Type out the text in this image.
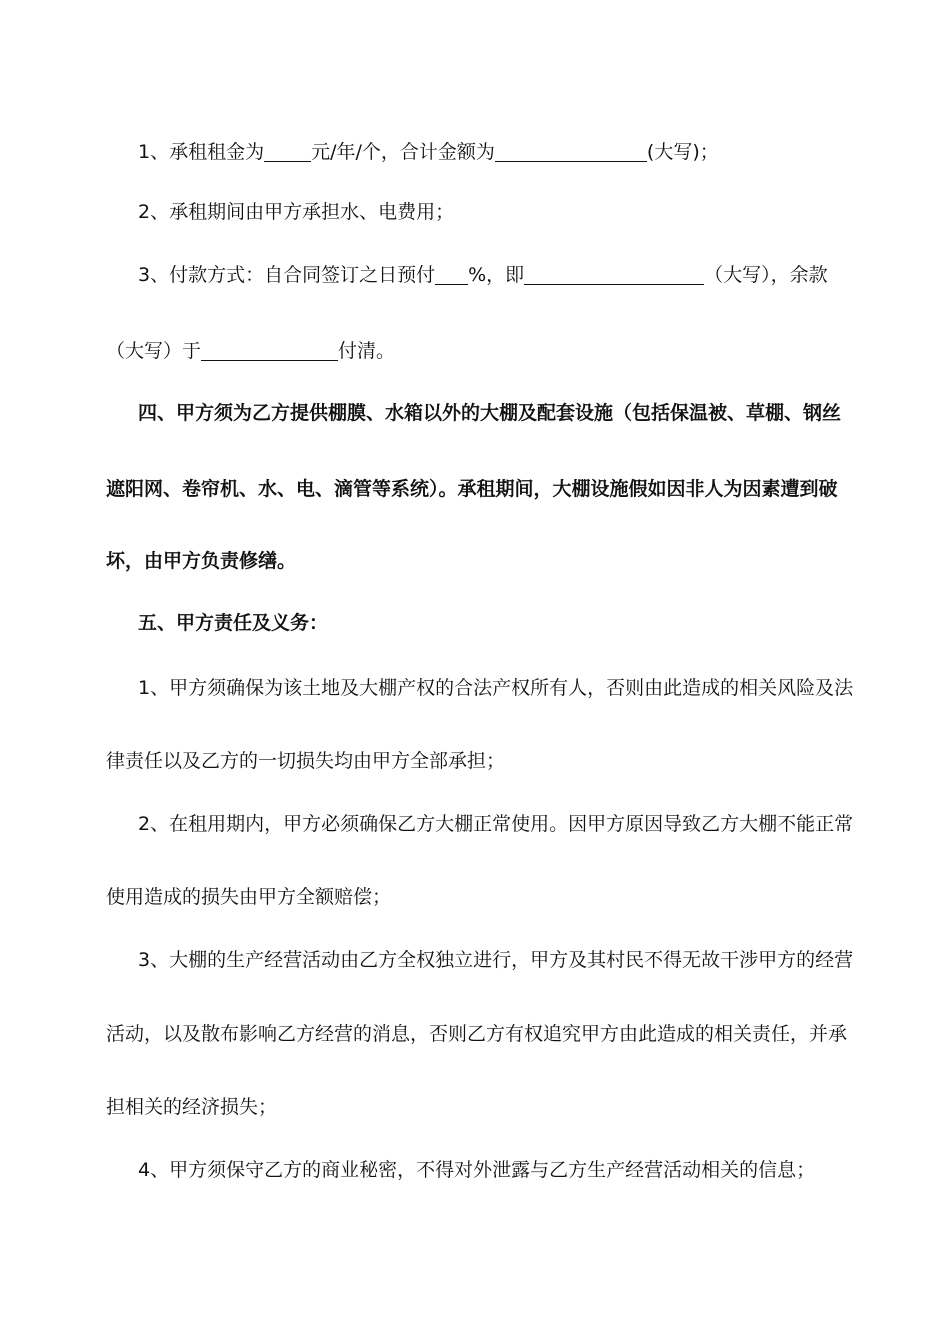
1、承租租金为 元/年/个，合计金额为	(大写)；
2、承租期间由甲方承担水、电费用；
3、付款方式：自合同签订之日预付 %，即	（大写），余款
（大写）于	付清。
四、甲方须为乙方提供棚膜、水箱以外的大棚及配套设施（包括保温被、草棚、钢丝
遮阳网、卷帘机、水、电、滴管等系统）。承租期间，大棚设施假如因非人为因素遭到破
坏，由甲方负责修缮。
五、甲方责任及义务：
1、甲方须确保为该土地及大棚产权的合法产权所有人，否则由此造成的相关风险及法
律责任以及乙方的一切损失均由甲方全部承担；
2、在租用期内，甲方必须确保乙方大棚正常使用。因甲方原因导致乙方大棚不能正常
使用造成的损失由甲方全额赔偿；
3、大棚的生产经营活动由乙方全权独立进行，甲方及其村民不得无故干涉甲方的经营
活动，以及散布影响乙方经营的消息，否则乙方有权追究甲方由此造成的相关责任，并承
担相关的经济损失；
4、甲方须保守乙方的商业秘密，不得对外泄露与乙方生产经营活动相关的信息；
